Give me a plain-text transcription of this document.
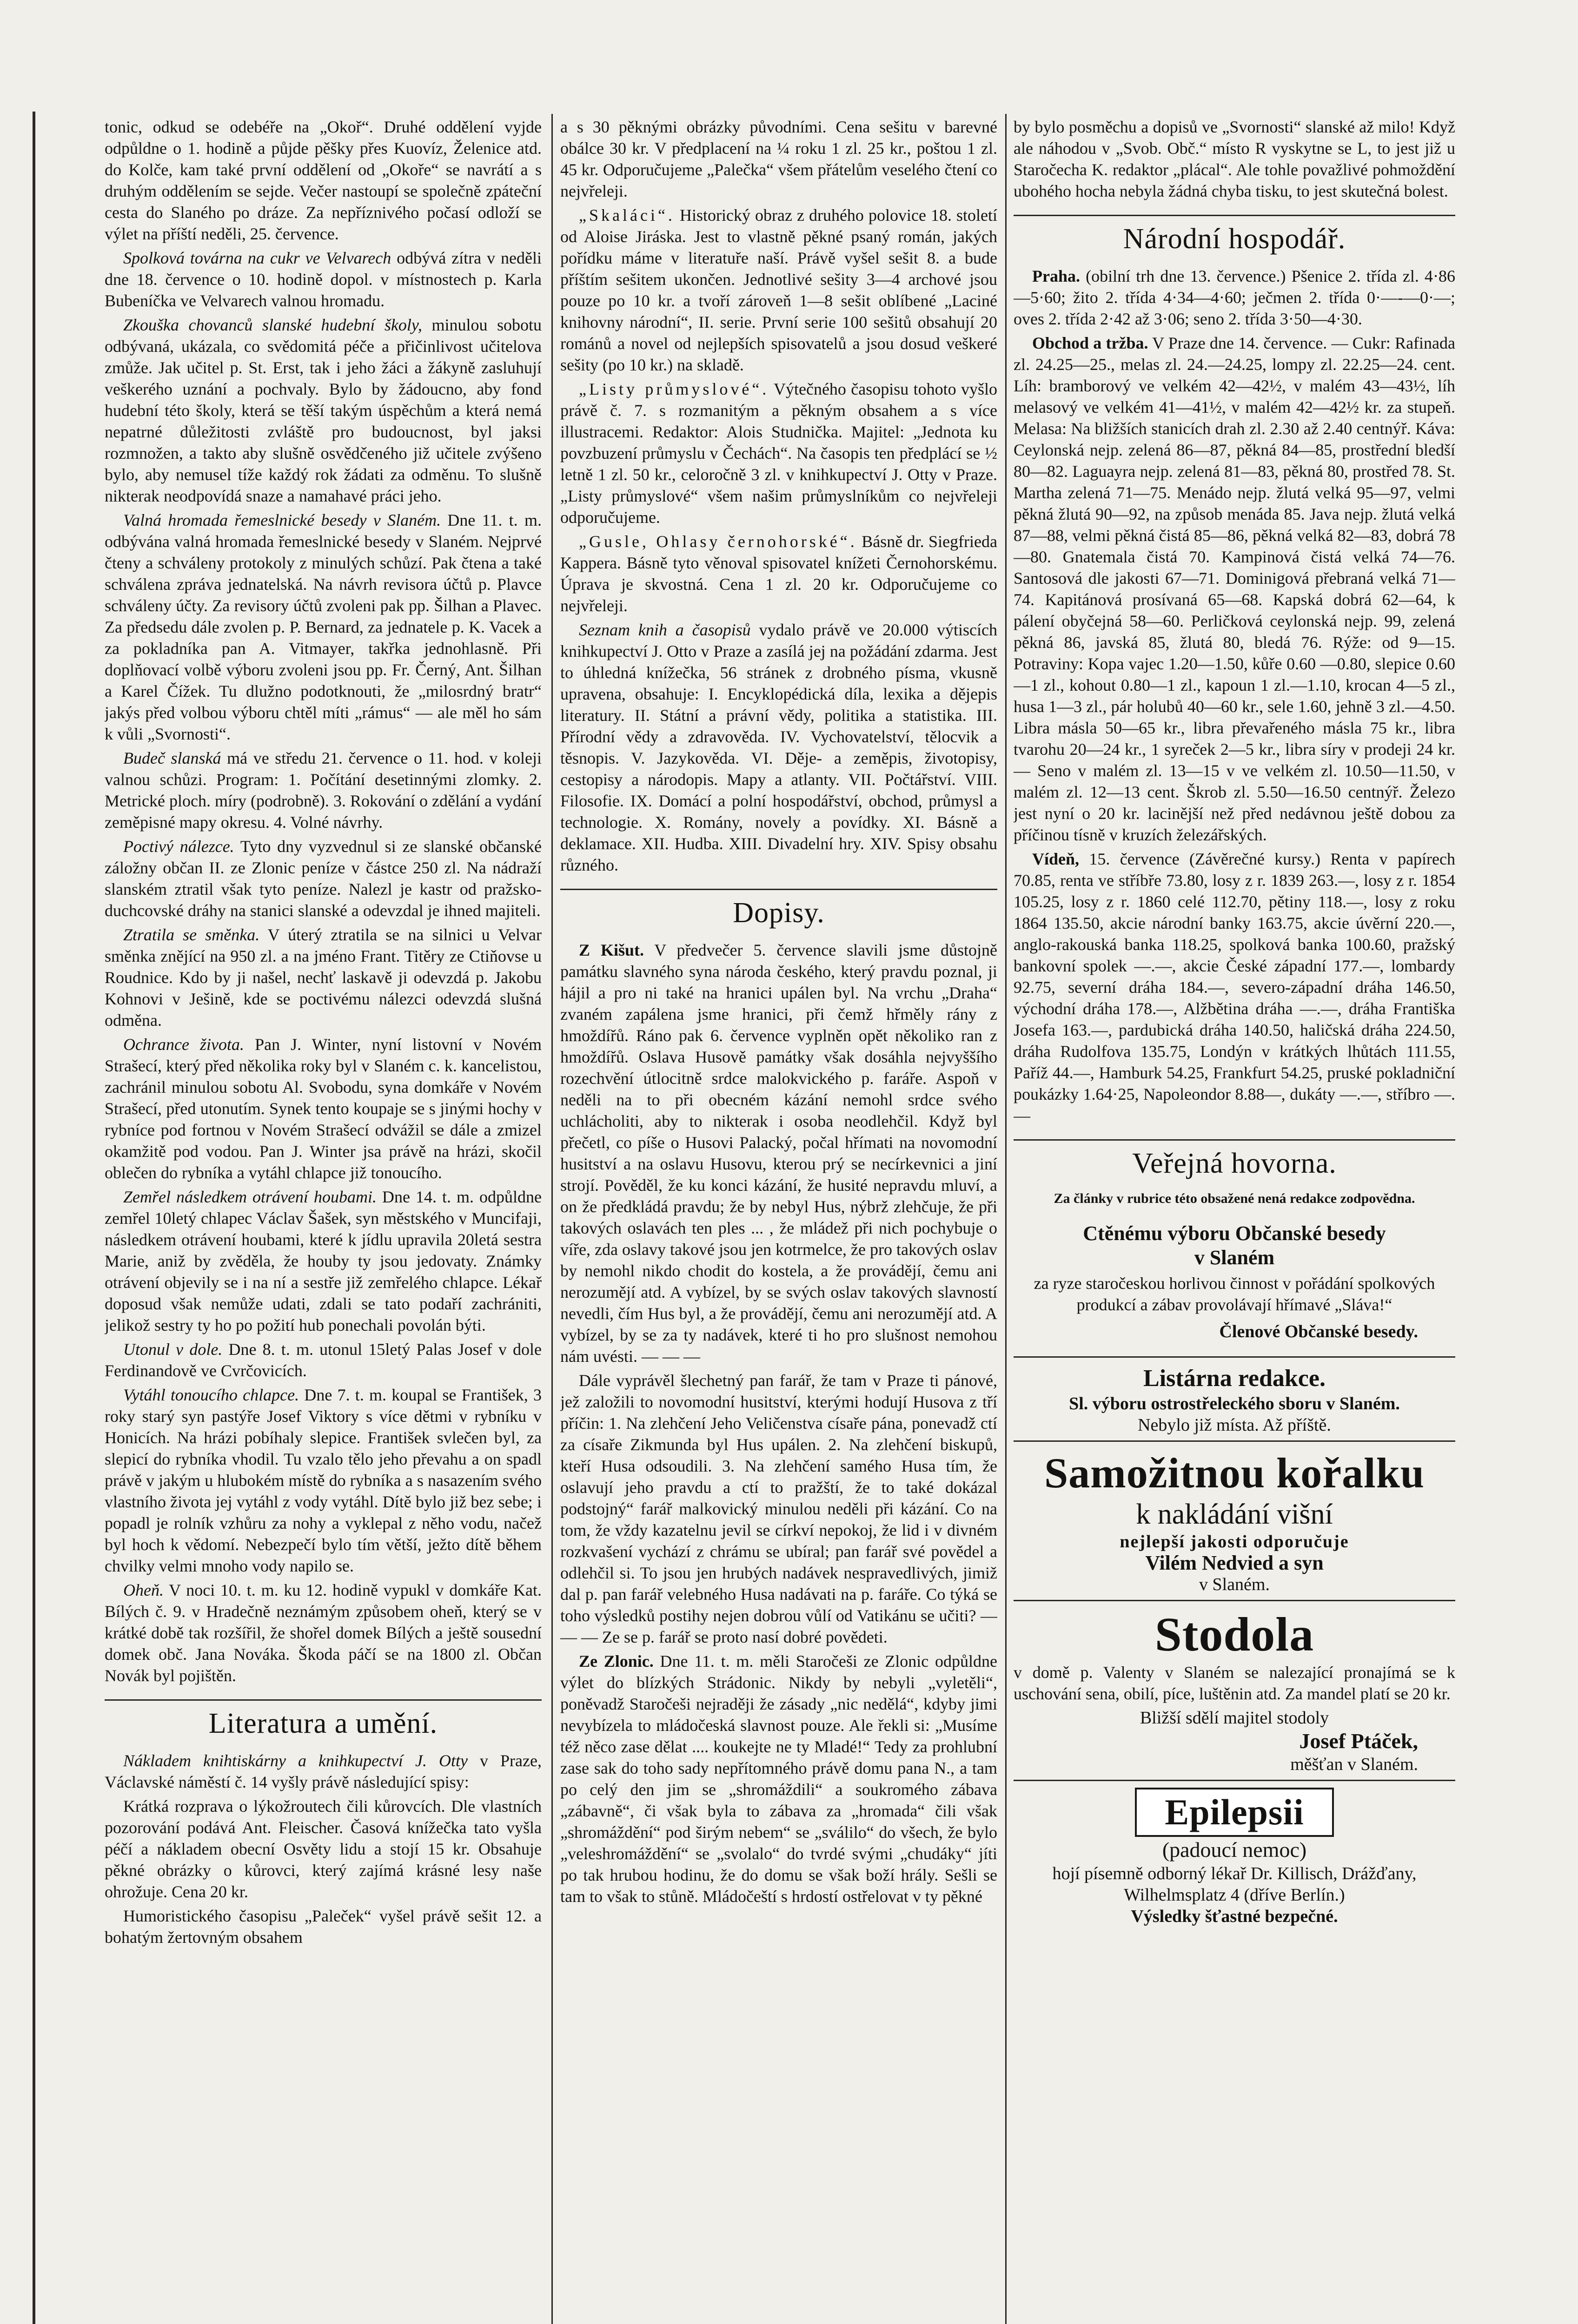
tonic, odkud se odebéře na „Okoř“. Druhé oddělení vyjde odpůldne o 1. hodině a půjde pěšky přes Kuovíz, Želenice atd. do Kolče, kam také první oddělení od „Okoře“ se navrátí a s druhým oddělením se sejde. Večer nastoupí se společně zpáteční cesta do Slaného po dráze. Za nepříznivého počasí odloží se výlet na příští neděli, 25. července.

Spolková továrna na cukr ve Velvarech odbývá zítra v neděli dne 18. července o 10. hodině dopol. v místnostech p. Karla Bubeníčka ve Velvarech valnou hromadu.

Zkouška chovanců slanské hudební školy, minulou sobotu odbývaná, ukázala, co svědomitá péče a přičinlivost učitelova zmůže. Jak učitel p. St. Erst, tak i jeho žáci a žákyně zasluhují veškerého uznání a pochvaly. Bylo by žádoucno, aby fond hudební této školy, která se těší takým úspěchům a která nemá nepatrné důležitosti zvláště pro budoucnost, byl jaksi rozmnožen, a takto aby slušně osvědčeného již učitele zvýšeno bylo, aby nemusel tíže každý rok žádati za odměnu. To slušně nikterak neodpovídá snaze a namahavé práci jeho.

Valná hromada řemeslnické besedy v Slaném. Dne 11. t. m. odbývána valná hromada řemeslnické besedy v Slaném. Nejprvé čteny a schváleny protokoly z minulých schůzí. Pak čtena a také schválena zpráva jednatelská. Na návrh revisora účtů p. Plavce schváleny účty. Za revisory účtů zvoleni pak pp. Šilhan a Plavec. Za předsedu dále zvolen p. P. Bernard, za jednatele p. K. Vacek a za pokladníka pan A. Vitmayer, takřka jednohlasně. Při doplňovací volbě výboru zvoleni jsou pp. Fr. Černý, Ant. Šilhan a Karel Čížek. Tu dlužno podotknouti, že „milosrdný bratr“ jakýs před volbou výboru chtěl míti „rámus“ — ale měl ho sám k vůli „Svornosti“.

Budeč slanská má ve středu 21. července o 11. hod. v koleji valnou schůzi. Program: 1. Počítání desetinnými zlomky. 2. Metrické ploch. míry (podrobně). 3. Rokování o zdělání a vydání zeměpisné mapy okresu. 4. Volné návrhy.

Poctivý nálezce. Tyto dny vyzvednul si ze slanské občanské záložny občan II. ze Zlonic peníze v částce 250 zl. Na nádraží slanském ztratil však tyto peníze. Nalezl je kastr od pražsko-duchcovské dráhy na stanici slanské a odevzdal je ihned majiteli.

Ztratila se směnka. V úterý ztratila se na silnici u Velvar směnka znějící na 950 zl. a na jméno Frant. Titěry ze Ctiňovse u Roudnice. Kdo by ji našel, nechť laskavě ji odevzdá p. Jakobu Kohnovi v Ješině, kde se poctivému nálezci odevzdá slušná odměna.

Ochrance života. Pan J. Winter, nyní listovní v Novém Strašecí, který před několika roky byl v Slaném c. k. kancelistou, zachránil minulou sobotu Al. Svobodu, syna domkáře v Novém Strašecí, před utonutím. Synek tento koupaje se s jinými hochy v rybníce pod fortnou v Novém Strašecí odvážil se dále a zmizel okamžitě pod vodou. Pan J. Winter jsa právě na hrázi, skočil oblečen do rybníka a vytáhl chlapce již tonoucího.

Zemřel následkem otrávení houbami. Dne 14. t. m. odpůldne zemřel 10letý chlapec Václav Šašek, syn městského v Muncifaji, následkem otrávení houbami, které k jídlu upravila 20letá sestra Marie, aniž by zvěděla, že houby ty jsou jedovaty. Známky otrávení objevily se i na ní a sestře již zemřelého chlapce. Lékař doposud však nemůže udati, zdali se tato podaří zachrániti, jelikož sestry ty ho po požití hub ponechali povolán býti.

Utonul v dole. Dne 8. t. m. utonul 15letý Palas Josef v dole Ferdinandově ve Cvrčovicích.

Vytáhl tonoucího chlapce. Dne 7. t. m. koupal se František, 3 roky starý syn pastýře Josef Viktory s více dětmi v rybníku v Honicích. Na hrázi pobíhaly slepice. František svlečen byl, za slepicí do rybníka vhodil. Tu vzalo tělo jeho převahu a on spadl právě v jakým u hlubokém místě do rybníka a s nasazením svého vlastního života jej vytáhl z vody vytáhl. Dítě bylo již bez sebe; i popadl je rolník vzhůru za nohy a vyklepal z něho vodu, načež byl hoch k vědomí. Nebezpečí bylo tím větší, ježto dítě během chvilky velmi mnoho vody napilo se.

Oheň. V noci 10. t. m. ku 12. hodině vypukl v domkáře Kat. Bílých č. 9. v Hradečně neznámým způsobem oheň, který se v krátké době tak rozšířil, že shořel domek Bílých a ještě sousední domek obč. Jana Nováka. Škoda páčí se na 1800 zl. Občan Novák byl pojištěn.

Literatura a umění.

Nákladem knihtiskárny a knihkupectví J. Otty v Praze, Václavské náměstí č. 14 vyšly právě následující spisy:

Krátká rozprava o lýkožroutech čili kůrovcích. Dle vlastních pozorování podává Ant. Fleischer. Časová knížečka tato vyšla péčí a nákladem obecní Osvěty lidu a stojí 15 kr. Obsahuje pěkné obrázky o kůrovci, který zajímá krásné lesy naše ohrožuje. Cena 20 kr.

Humoristického časopisu „Paleček“ vyšel právě sešit 12. a bohatým žertovným obsahem

a s 30 pěknými obrázky původními. Cena sešitu v barevné obálce 30 kr. V předplacení na ¼ roku 1 zl. 25 kr., poštou 1 zl. 45 kr. Odporučujeme „Palečka“ všem přátelům veselého čtení co nejvřeleji.

„Skaláci“. Historický obraz z druhého polovice 18. století od Aloise Jiráska. Jest to vlastně pěkné psaný román, jakých pořídku máme v literatuře naší. Právě vyšel sešit 8. a bude příštím sešitem ukončen. Jednotlivé sešity 3—4 archové jsou pouze po 10 kr. a tvoří zároveň 1—8 sešit oblíbené „Laciné knihovny národní“, II. serie. První serie 100 sešitů obsahují 20 románů a novel od nejlepších spisovatelů a jsou dosud veškeré sešity (po 10 kr.) na skladě.

„Listy průmyslové“. Výtečného časopisu tohoto vyšlo právě č. 7. s rozmanitým a pěkným obsahem a s více illustracemi. Redaktor: Alois Studnička. Majitel: „Jednota ku povzbuzení průmyslu v Čechách“. Na časopis ten předplácí se ½ letně 1 zl. 50 kr., celoročně 3 zl. v knihkupectví J. Otty v Praze. „Listy průmyslové“ všem našim průmyslníkům co nejvřeleji odporučujeme.

„Gusle, Ohlasy černohorské“. Básně dr. Siegfrieda Kappera. Básně tyto věnoval spisovatel knížeti Černohorskému. Úprava je skvostná. Cena 1 zl. 20 kr. Odporučujeme co nejvřeleji.

Seznam knih a časopisů vydalo právě ve 20.000 výtiscích knihkupectví J. Otto v Praze a zasílá jej na požádání zdarma. Jest to úhledná knížečka, 56 stránek z drobného písma, vkusně upravena, obsahuje: I. Encyklopédická díla, lexika a dějepis literatury. II. Státní a právní vědy, politika a statistika. III. Přírodní vědy a zdravověda. IV. Vychovatelství, tělocvik a těsnopis. V. Jazykověda. VI. Děje- a zeměpis, životopisy, cestopisy a národopis. Mapy a atlanty. VII. Počtářství. VIII. Filosofie. IX. Domácí a polní hospodářství, obchod, průmysl a technologie. X. Romány, novely a povídky. XI. Básně a deklamace. XII. Hudba. XIII. Divadelní hry. XIV. Spisy obsahu různého.

Dopisy.

Z Kišut. V předvečer 5. července slavili jsme důstojně památku slavného syna národa českého, který pravdu poznal, ji hájil a pro ni také na hranici upálen byl. Na vrchu „Draha“ zvaném zapálena jsme hranici, při čemž hřměly rány z hmoždířů. Ráno pak 6. července vyplněn opět několiko ran z hmoždířů. Oslava Husově památky však dosáhla nejvyššího rozechvění útlocitně srdce malokvického p. faráře. Aspoň v neděli na to při obecném kázání nemohl srdce svého uchlácholiti, aby to nikterak i osoba neodlehčil. Když byl přečetl, co píše o Husovi Palacký, počal hřímati na novomodní husitství a na oslavu Husovu, kterou prý se necírkevnici a jiní strojí. Pověděl, že ku konci kázání, že husité nepravdu mluví, a on že předkládá pravdu; že by nebyl Hus, nýbrž zlehčuje, že při takových oslavách ten ples ... , že mládež při nich pochybuje o víře, zda oslavy takové jsou jen kotrmelce, že pro takových oslav by nemohl nikdo chodit do kostela, a že provádějí, čemu ani nerozumějí atd. A vybízel, by se svých oslav takových slavností nevedli, čím Hus byl, a že provádějí, čemu ani nerozumějí atd. A vybízel, by se za ty nadávek, které ti ho pro slušnost nemohou nám uvésti. — — —

Dále vyprávěl šlechetný pan farář, že tam v Praze ti pánové, jež založili to novomodní husitství, kterými hodují Husova z tří příčin: 1. Na zlehčení Jeho Veličenstva císaře pána, ponevadž ctí za císaře Zikmunda byl Hus upálen. 2. Na zlehčení biskupů, kteří Husa odsoudili. 3. Na zlehčení samého Husa tím, že oslavují jeho pravdu a ctí to pražští, že to také dokázal podstojný“ farář malkovický minulou neděli při kázání. Co na tom, že vždy kazatelnu jevil se církví nepokoj, že lid i v divném rozkvašení vychází z chrámu se ubíral; pan farář své povědel a odlehčil si. To jsou jen hrubých nadávek nespravedlivých, jimiž dal p. pan farář velebného Husa nadávati na p. faráře. Co týká se toho výsledků postihy nejen dobrou vůlí od Vatikánu se učiti? — — — Ze se p. farář se proto nasí dobré povědeti.

Ze Zlonic. Dne 11. t. m. měli Staročeši ze Zlonic odpůldne výlet do blízkých Strádonic. Nikdy by nebyli „vyletěli“, poněvadž Staročeši nejraději že zásady „nic nedělá“, kdyby jimi nevybízela to mládočeská slavnost pouze. Ale řekli si: „Musíme též něco zase dělat .... koukejte ne ty Mladé!“ Tedy za prohlubní zase sak do toho sady nepřítomného právě domu pana N., a tam po celý den jim se „shromáždili“ a soukromého zábava „zábavně“, či však byla to zábava za „hromada“ čili však „shromáždění“ pod širým nebem“ se „sválilo“ do všech, že bylo „veleshromáždění“ se „svolalo“ do tvrdé svými „chudáky“ jíti po tak hrubou hodinu, že do domu se však boží hrály. Sešli se tam to však to stůně. Mládočeští s hrdostí ostřelovat v ty pěkné

by bylo posměchu a dopisů ve „Svornosti“ slanské až milo! Když ale náhodou v „Svob. Obč.“ místo R vyskytne se L, to jest již u Staročecha K. redaktor „plácal“. Ale tohle považlivé pohmoždění ubohého hocha nebyla žádná chyba tisku, to jest skutečná bolest.

Národní hospodář.

Praha. (obilní trh dne 13. července.) Pšenice 2. třída zl. 4·86—5·60; žito 2. třída 4·34—4·60; ječmen 2. třída 0·—-—0·—; oves 2. třída 2·42 až 3·06; seno 2. třída 3·50—4·30.

Obchod a tržba. V Praze dne 14. července. — Cukr: Rafinada zl. 24.25—25., melas zl. 24.—24.25, lompy zl. 22.25—24. cent. Líh: bramborový ve velkém 42—42½, v malém 43—43½, líh melasový ve velkém 41—41½, v malém 42—42½ kr. za stupeň. Melasa: Na bližších stanicích drah zl. 2.30 až 2.40 centnýř. Káva: Ceylonská nejp. zelená 86—87, pěkná 84—85, prostřední bledší 80—82. Laguayra nejp. zelená 81—83, pěkná 80, prostřed 78. St. Martha zelená 71—75. Menádo nejp. žlutá velká 95—97, velmi pěkná žlutá 90—92, na způsob menáda 85. Java nejp. žlutá velká 87—88, velmi pěkná čistá 85—86, pěkná velká 82—83, dobrá 78—80. Gnatemala čistá 70. Kampinová čistá velká 74—76. Santosová dle jakosti 67—71. Dominigová přebraná velká 71—74. Kapitánová prosívaná 65—68. Kapská dobrá 62—64, k pálení obyčejná 58—60. Perličková ceylonská nejp. 99, zelená pěkná 86, javská 85, žlutá 80, bledá 76. Rýže: od 9—15. Potraviny: Kopa vajec 1.20—1.50, kůře 0.60 —0.80, slepice 0.60—1 zl., kohout 0.80—1 zl., kapoun 1 zl.—1.10, krocan 4—5 zl., husa 1—3 zl., pár holubů 40—60 kr., sele 1.60, jehně 3 zl.—4.50. Libra másla 50—65 kr., libra převařeného másla 75 kr., libra tvarohu 20—24 kr., 1 syreček 2—5 kr., libra síry v prodeji 24 kr. — Seno v malém zl. 13—15 v ve velkém zl. 10.50—11.50, v malém zl. 12—13 cent. Škrob zl. 5.50—16.50 centnýř. Železo jest nyní o 20 kr. lacinější než před nedávnou ještě dobou za příčinou tísně v kruzích železářských.

Vídeň, 15. července (Závěrečné kursy.) Renta v papírech 70.85, renta ve stříbře 73.80, losy z r. 1839 263.—, losy z r. 1854 105.25, losy z r. 1860 celé 112.70, pětiny 118.—, losy z roku 1864 135.50, akcie národní banky 163.75, akcie úvěrní 220.—, anglo-rakouská banka 118.25, spolková banka 100.60, pražský bankovní spolek —.—, akcie České západní 177.—, lombardy 92.75, severní dráha 184.—, severo-západní dráha 146.50, východní dráha 178.—, Alžbětina dráha —.—, dráha Františka Josefa 163.—, pardubická dráha 140.50, haličská dráha 224.50, dráha Rudolfova 135.75, Londýn v krátkých lhůtách 111.55, Paříž 44.—, Hamburk 54.25, Frankfurt 54.25, pruské pokladniční poukázky 1.64·25, Napoleondor 8.88—, dukáty —.—, stříbro —.—

Veřejná hovorna.
Za články v rubrice této obsažené nená redakce zodpovědna.
Ctěnému výboru Občanské besedy
v Slaném

za ryze staročeskou horlivou činnost v pořádání spolkových produkcí a zábav provolávají hřímavé „Sláva!“

Členové Občanské besedy.
Listárna redakce.
Sl. výboru ostrostřeleckého sboru v Slaném.
Nebylo již místa. Až příště.
Samožitnou kořalku
k nakládání višní
nejlepší jakosti odporučuje
Vilém Nedvied a syn
v Slaném.
Stodola

v domě p. Valenty v Slaném se nalezající pronajímá se k uschování sena, obilí, píce, luštěnin atd. Za mandel platí se 20 kr.

Bližší sdělí majitel stodoly
Josef Ptáček,
měšťan v Slaném.
Epilepsii
(padoucí nemoc)
hojí písemně odborný lékař Dr. Killisch, Drážďany, Wilhelmsplatz 4 (dříve Berlín.)
Výsledky šťastné bezpečné.
